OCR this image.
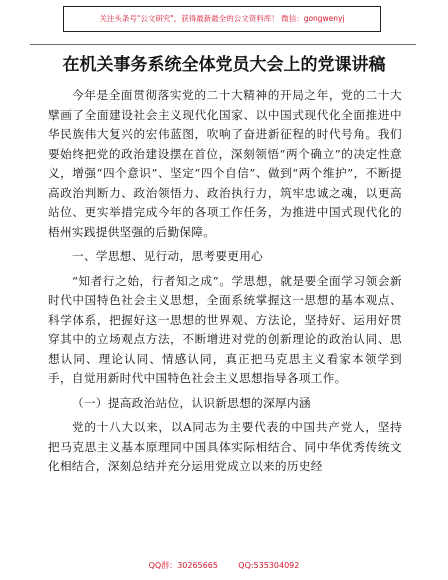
关注头条号"公文研究"，获得最新最全的公文资料库！ 微信：gongwenyj
在机关事务系统全体党员大会上的党课讲稿

今年是全面贯彻落实党的二十大精神的开局之年，党的二十大擘画了全面建设社会主义现代化国家、以中国式现代化全面推进中华民族伟大复兴的宏伟蓝图，吹响了奋进新征程的时代号角。我们要始终把党的政治建设摆在首位，深刻领悟“两个确立”的决定性意义，增强“四个意识”、坚定“四个自信”、做到“两个维护”，不断提高政治判断力、政治领悟力、政治执行力，筑牢忠诚之魂，以更高站位、更实举措完成今年的各项工作任务，为推进中国式现代化的梧州实践提供坚强的后勤保障。

一、学思想、见行动，思考要更用心

“知者行之始，行者知之成”。学思想，就是要全面学习领会新时代中国特色社会主义思想，全面系统掌握这一思想的基本观点、科学体系，把握好这一思想的世界观、方法论，坚持好、运用好贯穿其中的立场观点方法，不断增进对党的创新理论的政治认同、思想认同、理论认同、情感认同，真正把马克思主义看家本领学到手，自觉用新时代中国特色社会主义思想指导各项工作。

（一）提高政治站位，认识新思想的深厚内涵

党的十八大以来，以A同志为主要代表的中国共产党人，坚持把马克思主义基本原理同中国具体实际相结合、同中华优秀传统文化相结合，深刻总结并充分运用党成立以来的历史经

QQ群：30265665	QQ:535304092
